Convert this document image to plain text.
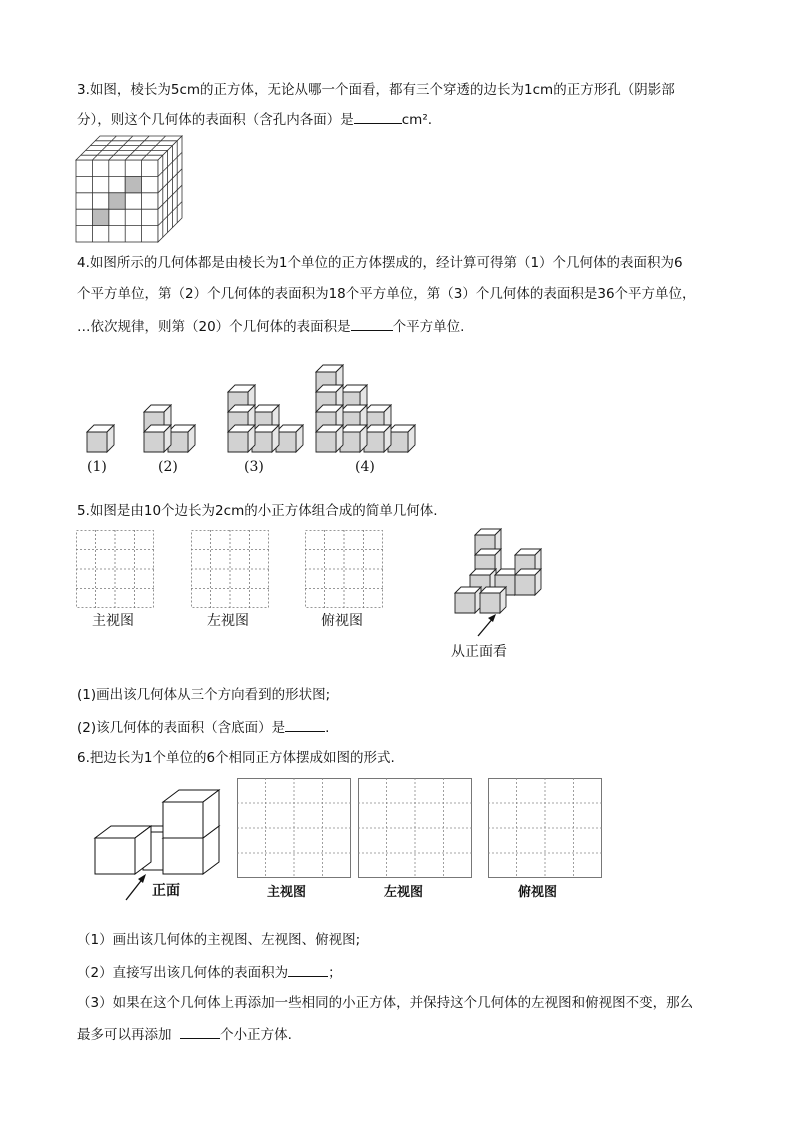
3.如图，棱长为5cm的正方体，无论从哪一个面看，都有三个穿透的边长为1cm的正方形孔（阴影部
分），则这个几何体的表面积（含孔内各面）是	cm².
4.如图所示的几何体都是由棱长为1个单位的正方体摆成的，经计算可得第（1）个几何体的表面积为6
个平方单位，第（2）个几何体的表面积为18个平方单位，第（3）个几何体的表面积是36个平方单位，
…依次规律，则第（20）个几何体的表面积是	个平方单位.
(1)	(2)	(3)	(4)
5.如图是由10个边长为2cm的小正方体组合成的简单几何体.
主视图	左视图	俯视图
从正面看
(1)画出该几何体从三个方向看到的形状图;
(2)该几何体的表面积（含底面）是	.
6.把边长为1个单位的6个相同正方体摆成如图的形式.
正面	主视图	左视图	俯视图
（1）画出该几何体的主视图、左视图、俯视图;
（2）直接写出该几何体的表面积为	；
（3）如果在这个几何体上再添加一些相同的小正方体，并保持这个几何体的左视图和俯视图不变，那么
最多可以再添加	个小正方体.
